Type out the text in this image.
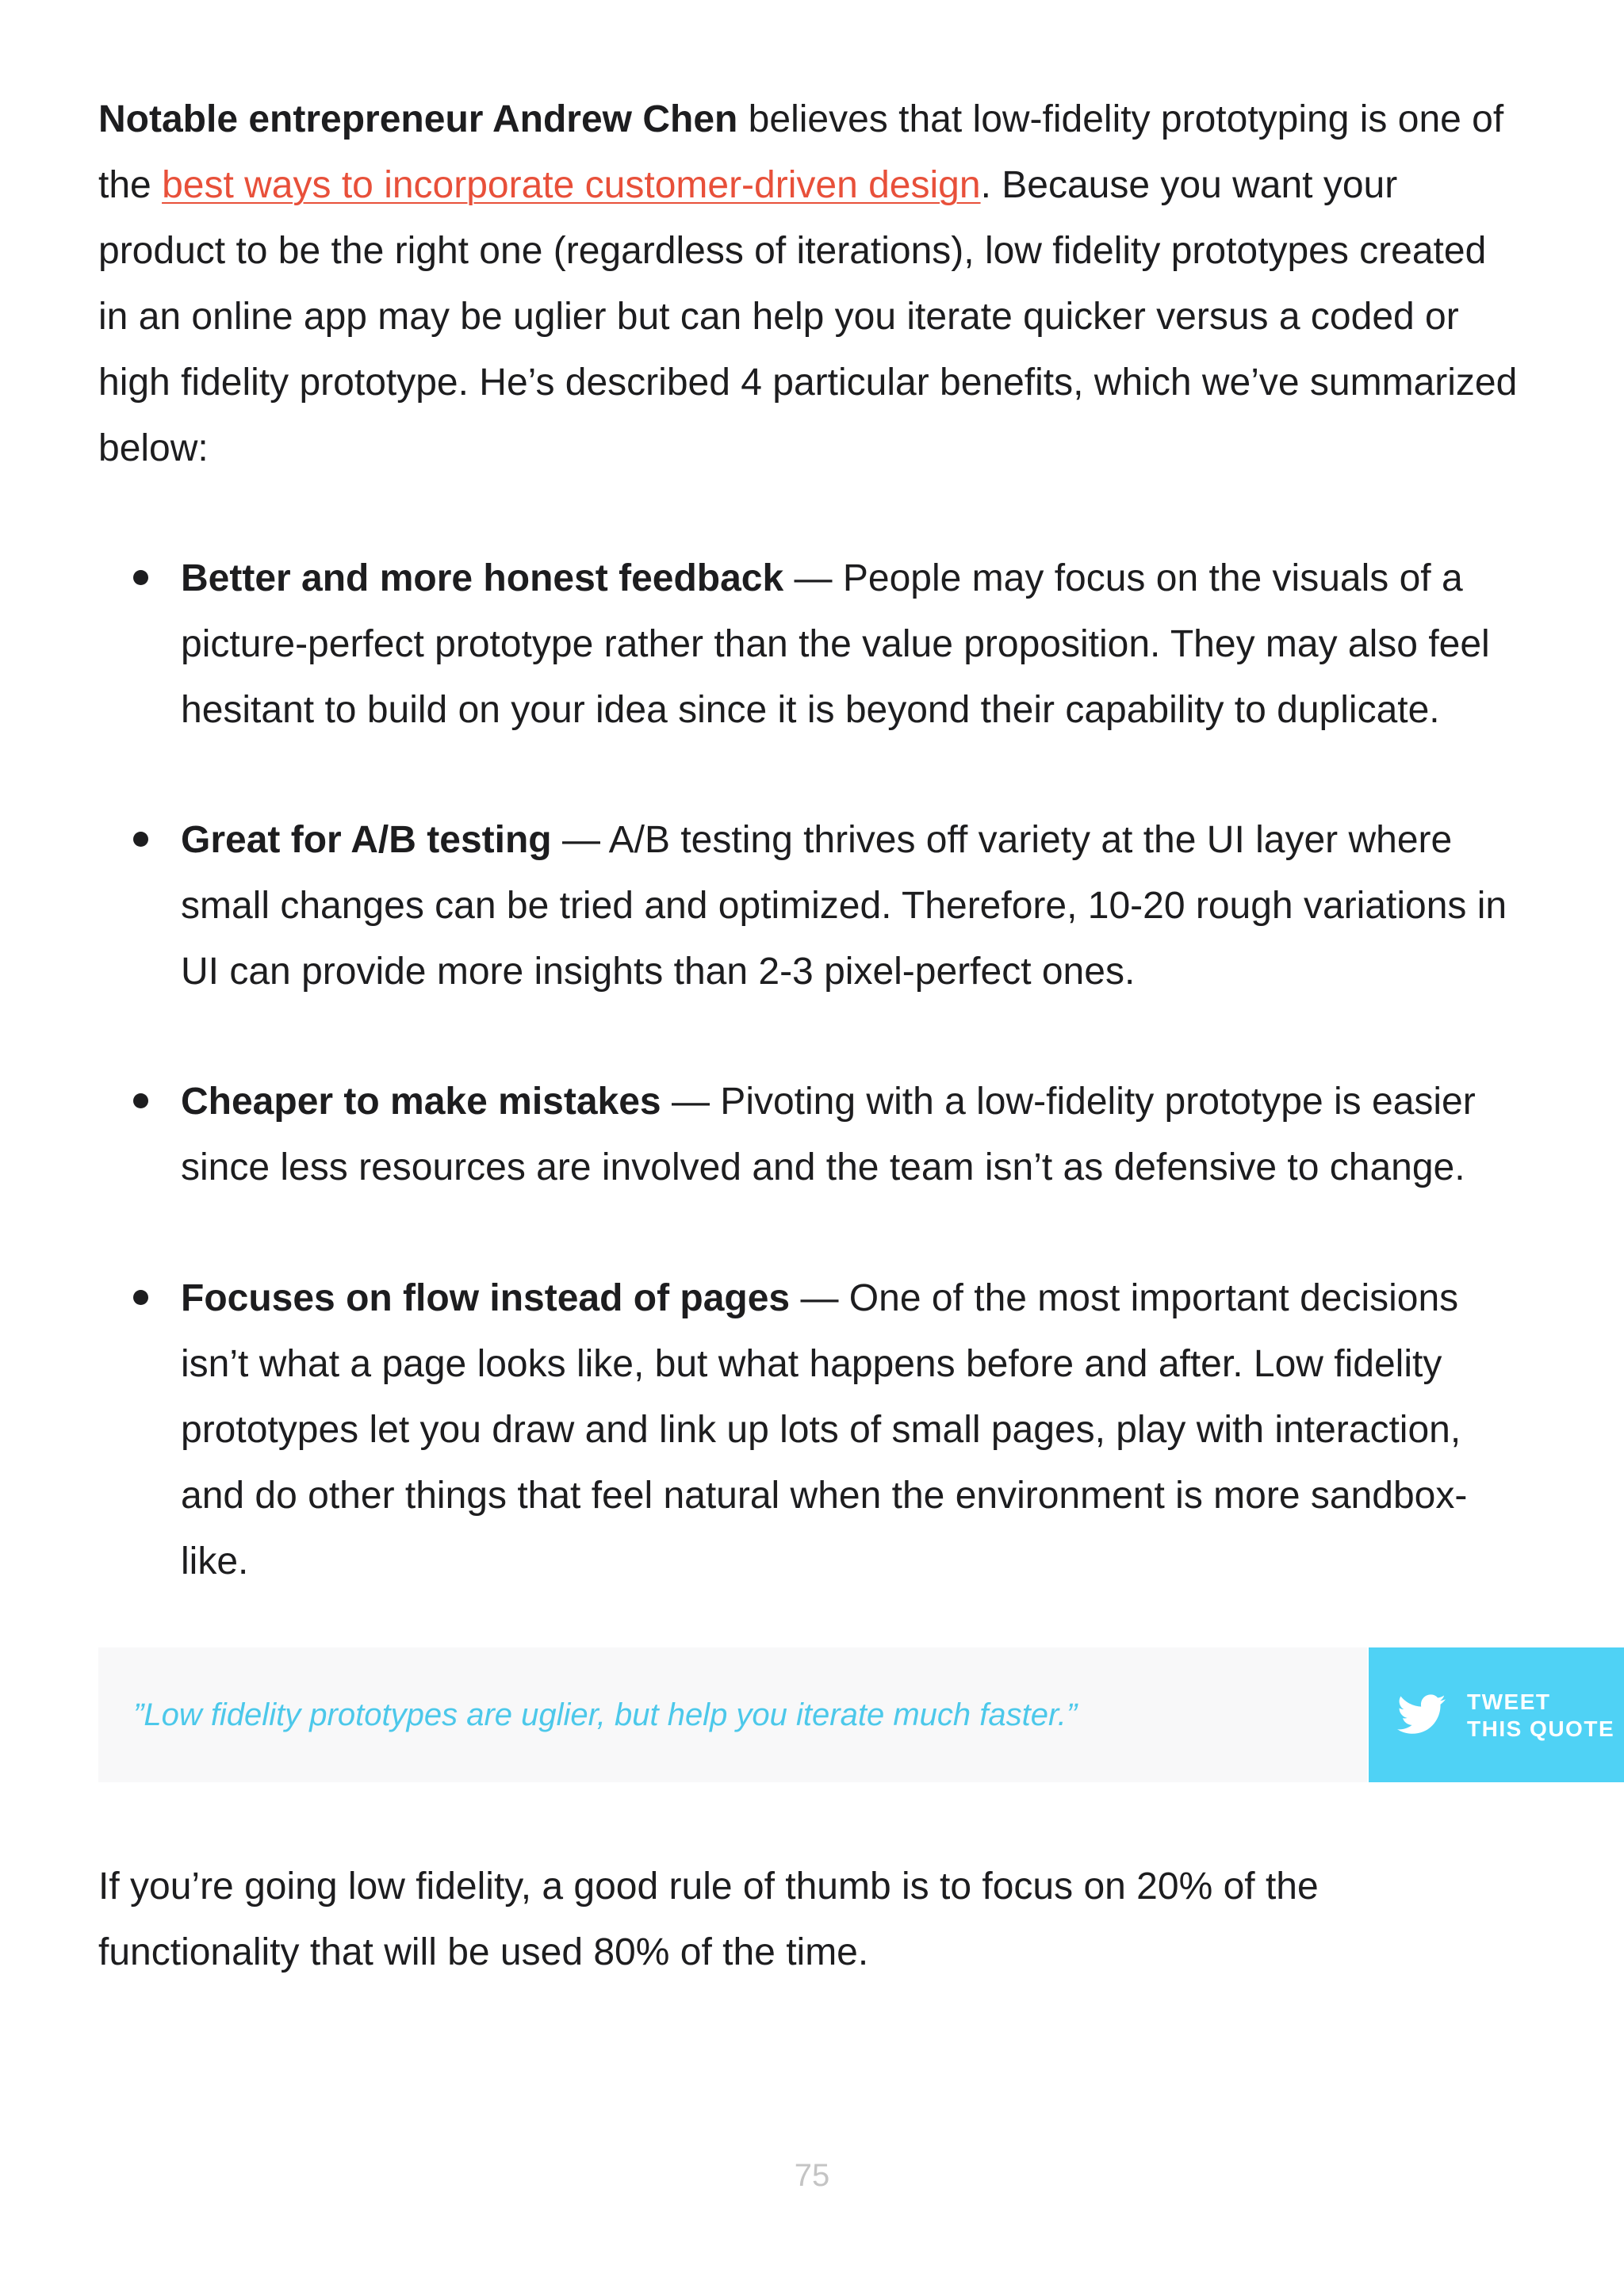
Notable entrepreneur Andrew Chen believes that low-fidelity prototyping is one of the best ways to incorporate customer-driven design. Because you want your product to be the right one (regardless of iterations), low fidelity prototypes created in an online app may be uglier but can help you iterate quicker versus a coded or high fidelity prototype. He’s described 4 particular benefits, which we’ve summarized below:

Better and more honest feedback — People may focus on the visuals of a picture-perfect prototype rather than the value proposition. They may also feel hesitant to build on your idea since it is beyond their capability to duplicate.
Great for A/B testing — A/B testing thrives off variety at the UI layer where small changes can be tried and optimized. Therefore, 10-20 rough variations in UI can provide more insights than 2-3 pixel-perfect ones.
Cheaper to make mistakes — Pivoting with a low-fidelity prototype is easier since less resources are involved and the team isn’t as defensive to change.
Focuses on flow instead of pages — One of the most important decisions isn’t what a page looks like, but what happens before and after. Low fidelity prototypes let you draw and link up lots of small pages, play with interaction, and do other things that feel natural when the environment is more sandbox-like.
”Low fidelity prototypes are uglier, but help you iterate much faster.”	TWEET
THIS QUOTE

If you’re going low fidelity, a good rule of thumb is to focus on 20% of the functionality that will be used 80% of the time.

75
